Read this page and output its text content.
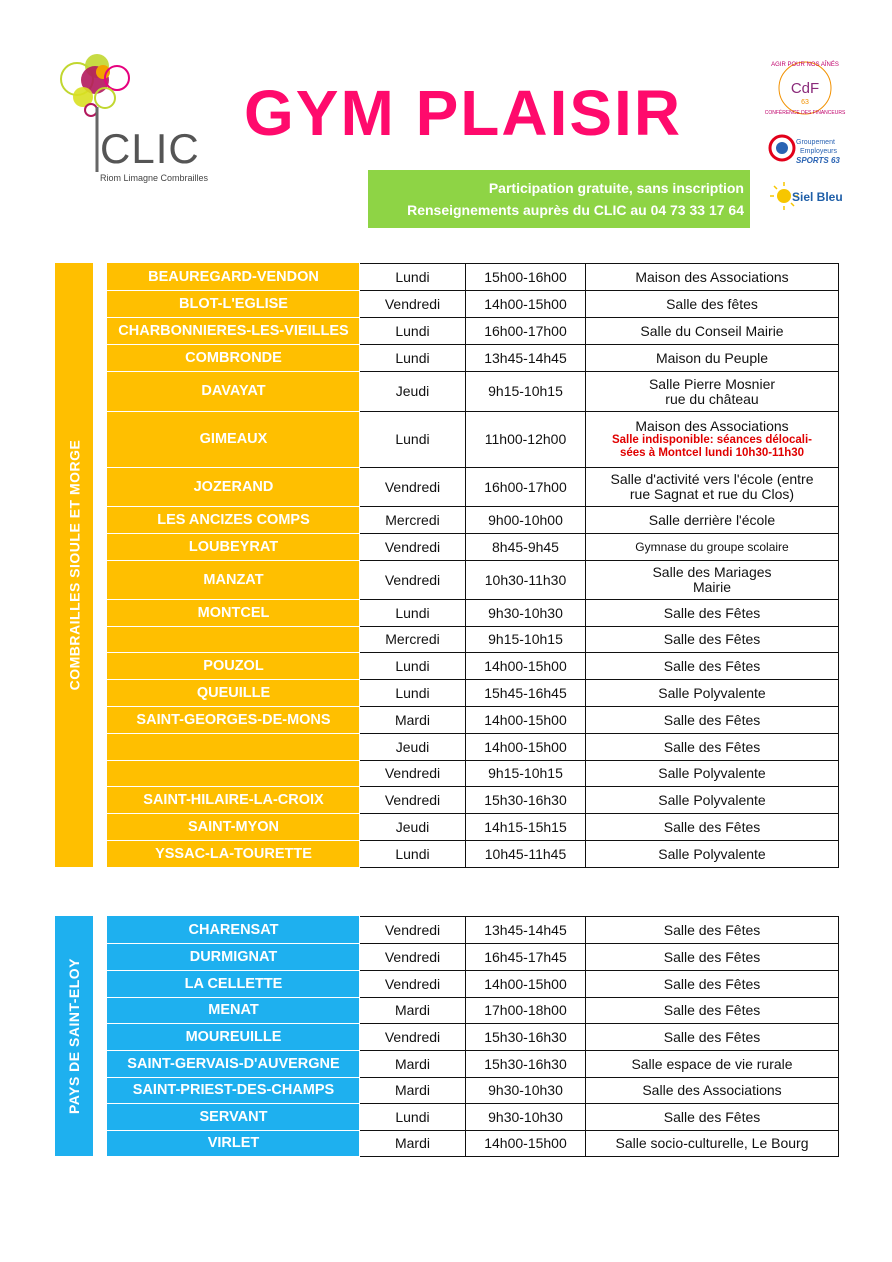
CLIC
Riom Limagne Combrailles
GYM PLAISIR
Participation gratuite, sans inscription
Renseignements auprès du CLIC au 04 73 33 17 64
AGIR POUR NOS AÎNÉS
CdF
63
CONFÉRENCE DES FINANCEURS
Groupement
Employeurs
SPORTS 63
Siel Bleu
COMBRAILLES SIOULE ET MORGE
BEAUREGARD-VENDON	Lundi	15h00-16h00	Maison des Associations

BLOT-L'EGLISE	Vendredi	14h00-15h00	Salle des fêtes

CHARBONNIERES-LES-VIEILLES	Lundi	16h00-17h00	Salle du Conseil Mairie

COMBRONDE	Lundi	13h45-14h45	Maison du Peuple

DAVAYAT	Jeudi	9h15-10h15	Salle Pierre Mosnier
rue du château

GIMEAUX	Lundi	11h00-12h00	Maison des Associations
Salle indisponible: séances délocali-
sées à Montcel lundi 10h30-11h30

JOZERAND	Vendredi	16h00-17h00	Salle d'activité vers l'école (entre
rue Sagnat et rue du Clos)

LES ANCIZES COMPS	Mercredi	9h00-10h00	Salle derrière l'école

LOUBEYRAT	Vendredi	8h45-9h45	Gymnase du groupe scolaire

MANZAT	Vendredi	10h30-11h30	Salle des Mariages
Mairie

MONTCEL	Lundi	9h30-10h30	Salle des Fêtes

	Mercredi	9h15-10h15	Salle des Fêtes

POUZOL	Lundi	14h00-15h00	Salle des Fêtes

QUEUILLE	Lundi	15h45-16h45	Salle Polyvalente

SAINT-GEORGES-DE-MONS	Mardi	14h00-15h00	Salle des Fêtes

	Jeudi	14h00-15h00	Salle des Fêtes

	Vendredi	9h15-10h15	Salle Polyvalente

SAINT-HILAIRE-LA-CROIX	Vendredi	15h30-16h30	Salle Polyvalente

SAINT-MYON	Jeudi	14h15-15h15	Salle des Fêtes

YSSAC-LA-TOURETTE	Lundi	10h45-11h45	Salle Polyvalente
PAYS DE SAINT-ELOY
CHARENSAT	Vendredi	13h45-14h45	Salle des Fêtes

DURMIGNAT	Vendredi	16h45-17h45	Salle des Fêtes

LA CELLETTE	Vendredi	14h00-15h00	Salle des Fêtes

MENAT	Mardi	17h00-18h00	Salle des Fêtes

MOUREUILLE	Vendredi	15h30-16h30	Salle des Fêtes

SAINT-GERVAIS-D'AUVERGNE	Mardi	15h30-16h30	Salle espace de vie rurale

SAINT-PRIEST-DES-CHAMPS	Mardi	9h30-10h30	Salle des Associations

SERVANT	Lundi	9h30-10h30	Salle des Fêtes

VIRLET	Mardi	14h00-15h00	Salle socio-culturelle, Le Bourg
